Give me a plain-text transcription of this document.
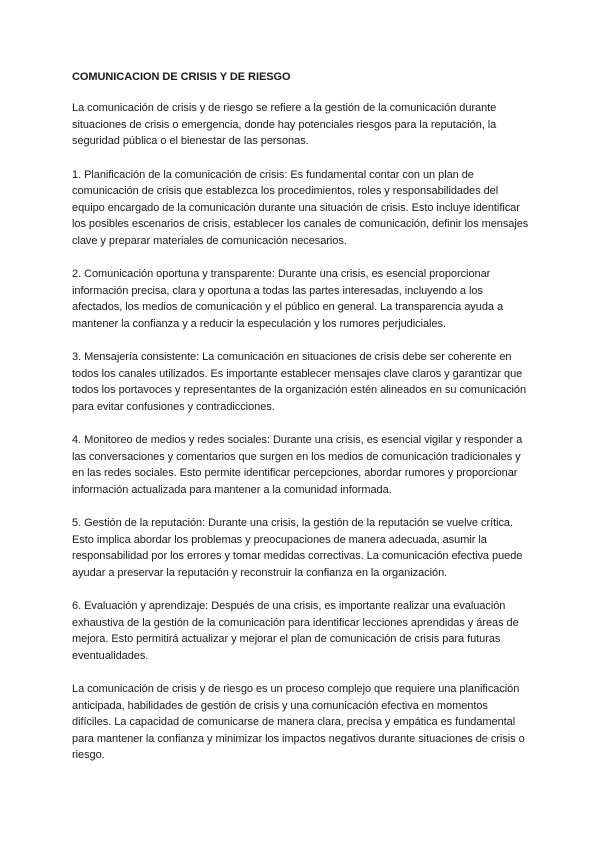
COMUNICACION DE CRISIS Y DE RIESGO

La comunicación de crisis y de riesgo se refiere a la gestión de la comunicación durante situaciones de crisis o emergencia, donde hay potenciales riesgos para la reputación, la seguridad pública o el bienestar de las personas.

1. Planificación de la comunicación de crisis: Es fundamental contar con un plan de comunicación de crisis que establezca los procedimientos, roles y responsabilidades del equipo encargado de la comunicación durante una situación de crisis. Esto incluye identificar los posibles escenarios de crisis, establecer los canales de comunicación, definir los mensajes clave y preparar materiales de comunicación necesarios.

2. Comunicación oportuna y transparente: Durante una crisis, es esencial proporcionar información precisa, clara y oportuna a todas las partes interesadas, incluyendo a los afectados, los medios de comunicación y el público en general. La transparencia ayuda a mantener la confianza y a reducir la especulación y los rumores perjudiciales.

3. Mensajería consistente: La comunicación en situaciones de crisis debe ser coherente en todos los canales utilizados. Es importante establecer mensajes clave claros y garantizar que todos los portavoces y representantes de la organización estén alineados en su comunicación para evitar confusiones y contradicciones.

4. Monitoreo de medios y redes sociales: Durante una crisis, es esencial vigilar y responder a las conversaciones y comentarios que surgen en los medios de comunicación tradicionales y en las redes sociales. Esto permite identificar percepciones, abordar rumores y proporcionar información actualizada para mantener a la comunidad informada.

5. Gestión de la reputación: Durante una crisis, la gestión de la reputación se vuelve crítica. Esto implica abordar los problemas y preocupaciones de manera adecuada, asumir la responsabilidad por los errores y tomar medidas correctivas. La comunicación efectiva puede ayudar a preservar la reputación y reconstruir la confianza en la organización.

6. Evaluación y aprendizaje: Después de una crisis, es importante realizar una evaluación exhaustiva de la gestión de la comunicación para identificar lecciones aprendidas y áreas de mejora. Esto permitirá actualizar y mejorar el plan de comunicación de crisis para futuras eventualidades.

La comunicación de crisis y de riesgo es un proceso complejo que requiere una planificación anticipada, habilidades de gestión de crisis y una comunicación efectiva en momentos difíciles. La capacidad de comunicarse de manera clara, precisa y empática es fundamental para mantener la confianza y minimizar los impactos negativos durante situaciones de crisis o riesgo.
